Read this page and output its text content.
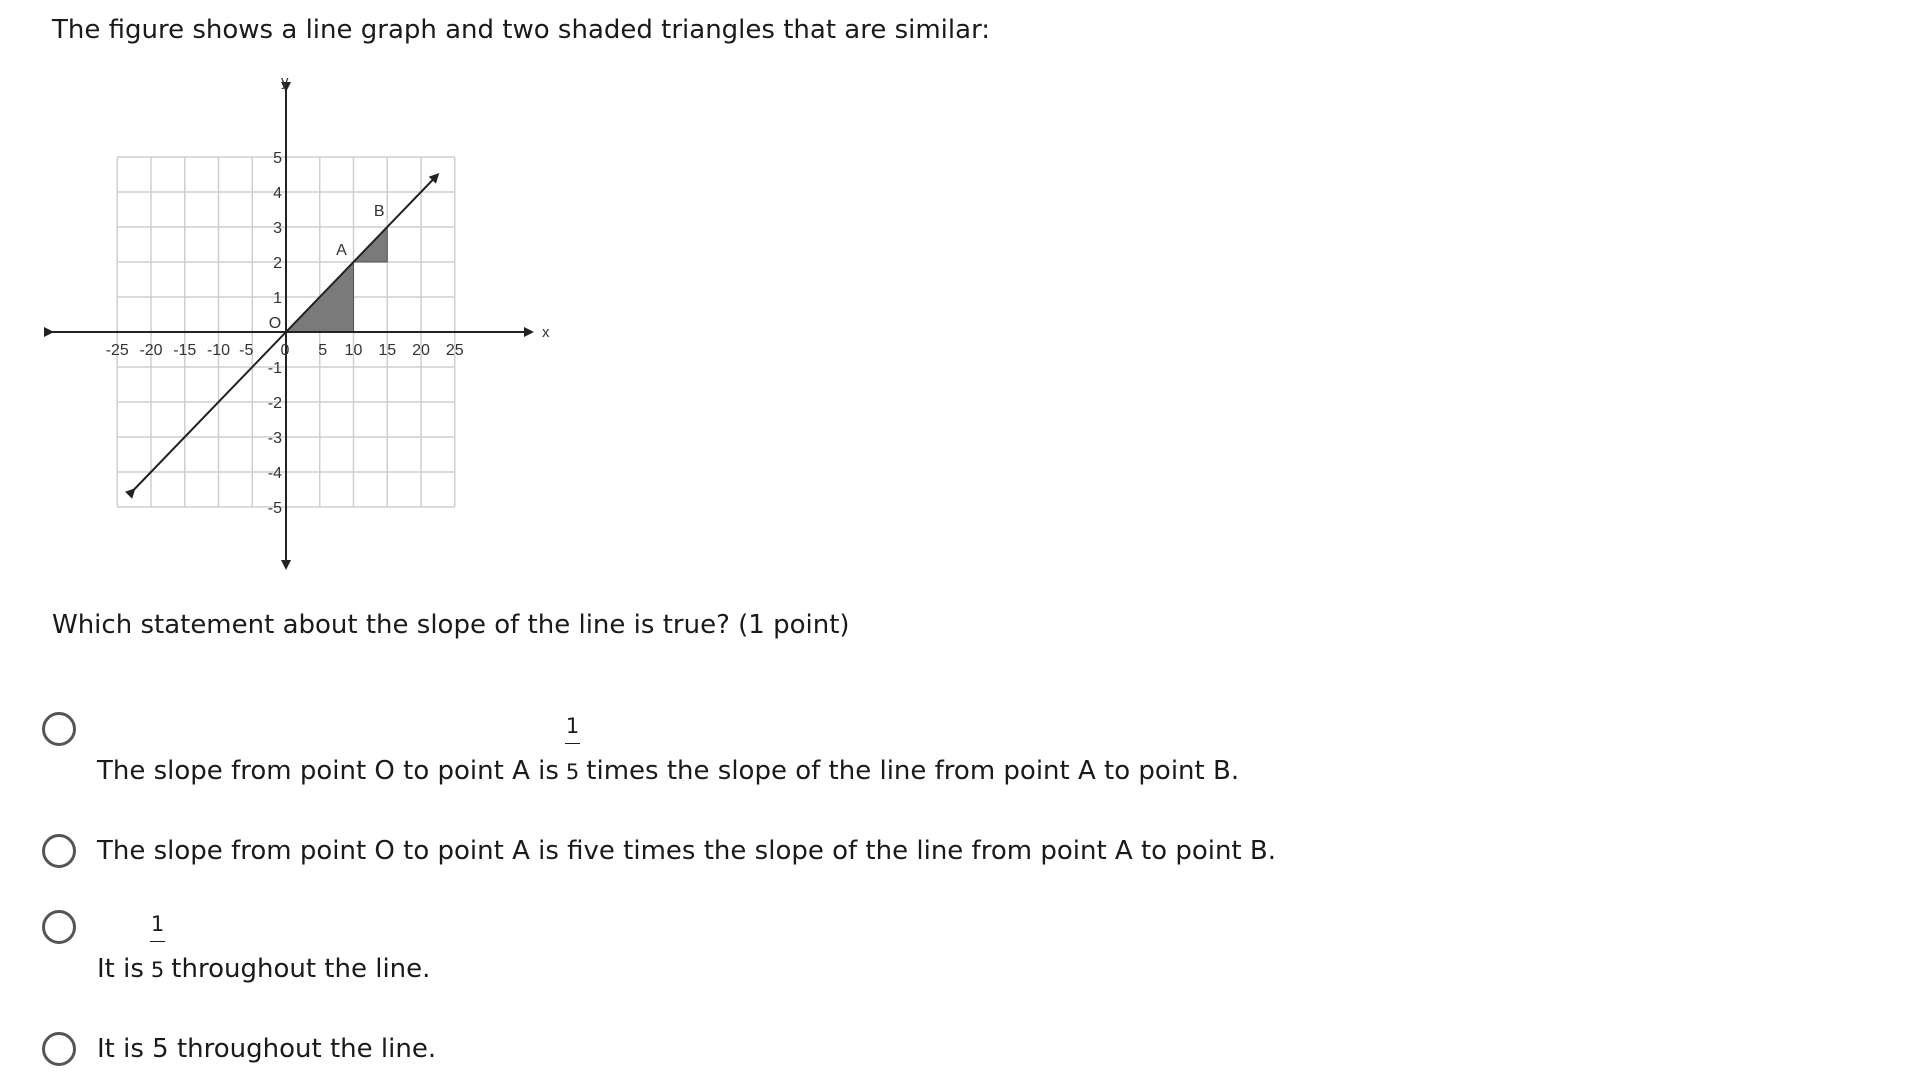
The figure shows a line graph and two shaded triangles that are similar:
x
y
-25 -20 -15 -10 -5 0 5 10 15 20 25
5
4
3
2
1
-1
-2
-3
-4
-5
O
A
B

Which statement about the slope of the line is true? (1 point)

The slope from point O to point A is $\frac{1}{5}$ times the slope of the line from point A to point B.
The slope from point O to point A is five times the slope of the line from point A to point B.
It is $\frac{1}{5}$ throughout the line.
It is 5 throughout the line.
